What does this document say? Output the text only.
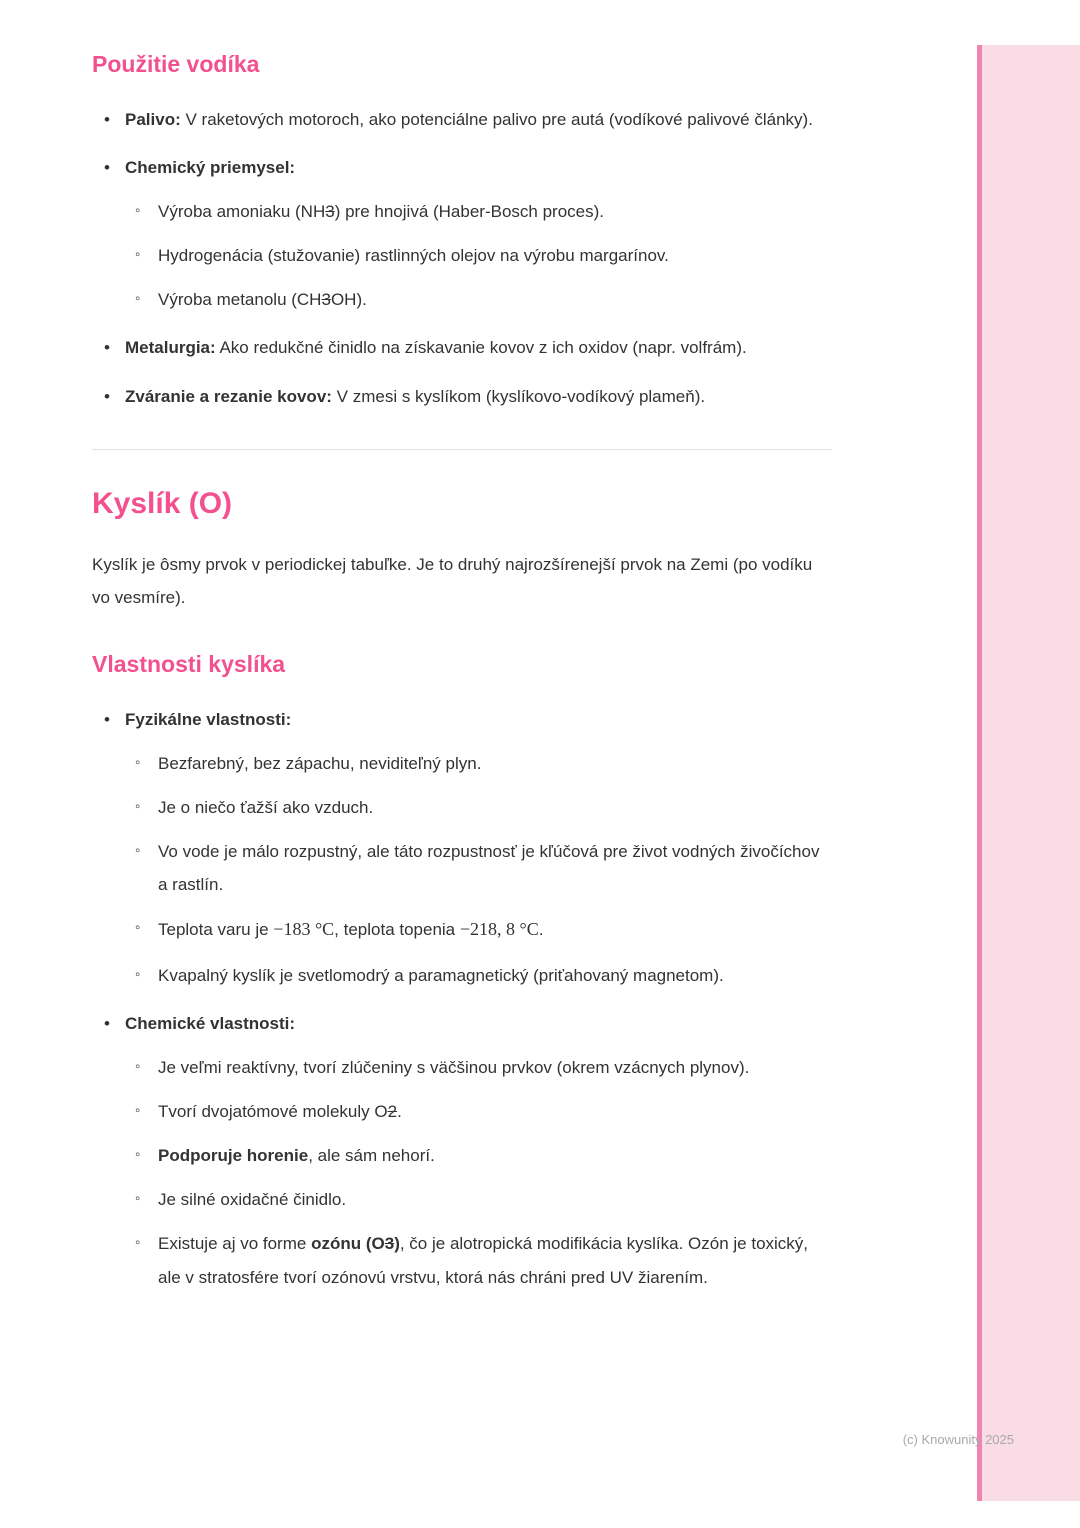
Použitie vodíka
• Palivo: V raketových motoroch, ako potenciálne palivo pre autá (vodíkové palivové články).
• Chemický priemysel:
◦ Výroba amoniaku (NH3) pre hnojivá (Haber-Bosch proces).
◦ Hydrogenácia (stužovanie) rastlinných olejov na výrobu margarínov.
◦ Výroba metanolu (CH3OH).
• Metalurgia: Ako redukčné činidlo na získavanie kovov z ich oxidov (napr. volfrám).
• Zváranie a rezanie kovov: V zmesi s kyslíkom (kyslíkovo-vodíkový plameň).
Kyslík (O)

Kyslík je ôsmy prvok v periodickej tabuľke. Je to druhý najrozšírenejší prvok na Zemi (po vodíku vo vesmíre).

Vlastnosti kyslíka
• Fyzikálne vlastnosti:
◦ Bezfarebný, bez zápachu, neviditeľný plyn.
◦ Je o niečo ťažší ako vzduch.
◦ Vo vode je málo rozpustný, ale táto rozpustnosť je kľúčová pre život vodných živočíchov a rastlín.
◦ Teplota varu je −183 °C, teplota topenia −218, 8 °C.
◦ Kvapalný kyslík je svetlomodrý a paramagnetický (priťahovaný magnetom).
• Chemické vlastnosti:
◦ Je veľmi reaktívny, tvorí zlúčeniny s väčšinou prvkov (okrem vzácnych plynov).
◦ Tvorí dvojatómové molekuly O2.
◦ Podporuje horenie, ale sám nehorí.
◦ Je silné oxidačné činidlo.
◦ Existuje aj vo forme ozónu (O3), čo je alotropická modifikácia kyslíka. Ozón je toxický, ale v stratosfére tvorí ozónovú vrstvu, ktorá nás chráni pred UV žiarením.
(c) Knowunity 2025
